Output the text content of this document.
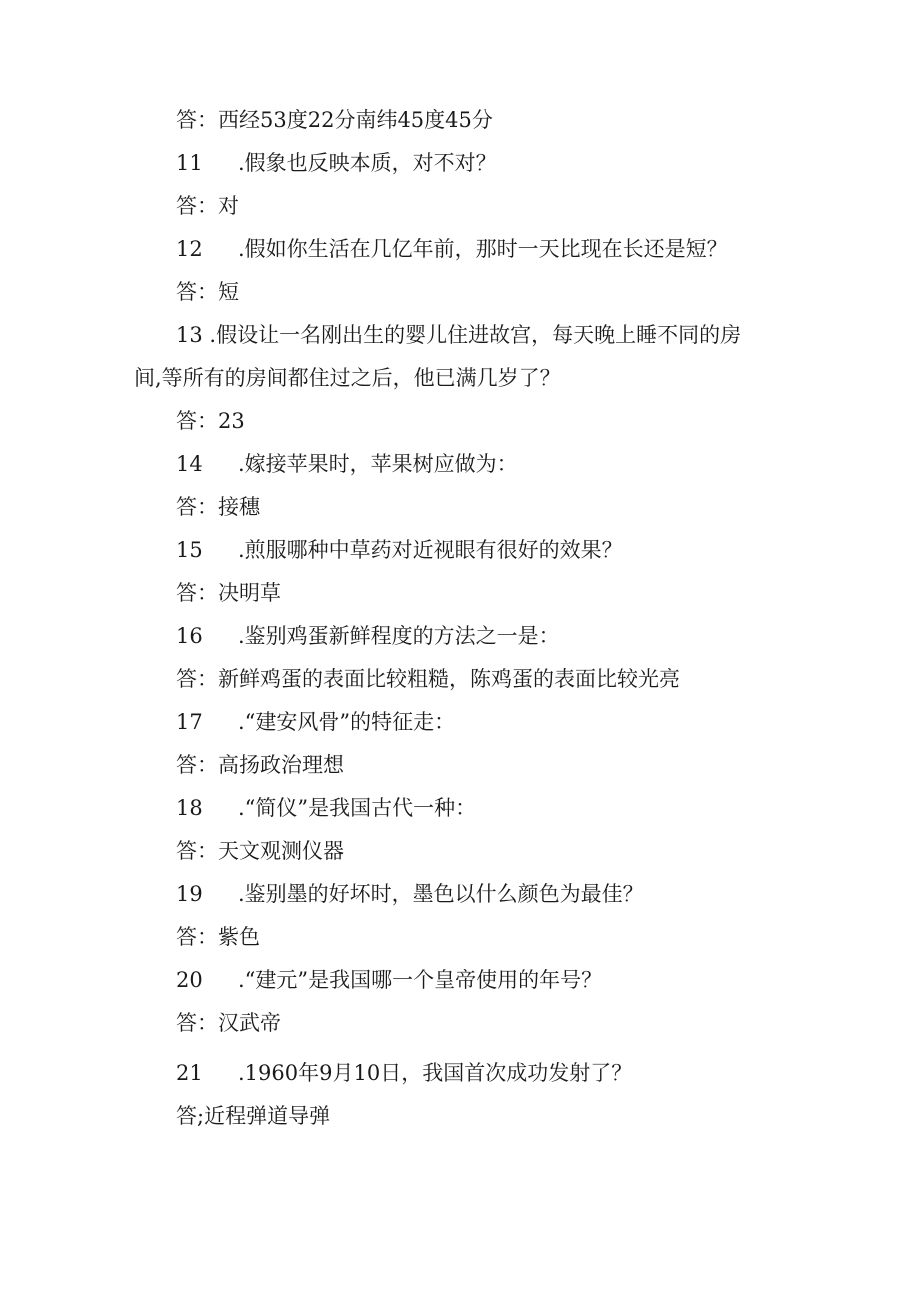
答：西经53度22分南纬45度45分
11 .假象也反映本质，对不对？
答：对
12 .假如你生活在几亿年前，那时一天比现在长还是短？
答：短
13 .假设让一名刚出生的婴儿住进故宫，每天晚上睡不同的房
间,等所有的房间都住过之后，他已满几岁了？
答：23
14 .嫁接苹果时，苹果树应做为：
答：接穗
15 .煎服哪种中草药对近视眼有很好的效果？
答：决明草
16 .鉴别鸡蛋新鲜程度的方法之一是：
答：新鲜鸡蛋的表面比较粗糙，陈鸡蛋的表面比较光亮
17 .“建安风骨”的特征走：
答：高扬政治理想
18 .“简仪”是我国古代一种：
答：天文观测仪器
19 .鉴别墨的好坏时，墨色以什么颜色为最佳？
答：紫色
20 .“建元”是我国哪一个皇帝使用的年号？
答：汉武帝
21 .1960年9月10日，我国首次成功发射了？
答;近程弹道导弹
